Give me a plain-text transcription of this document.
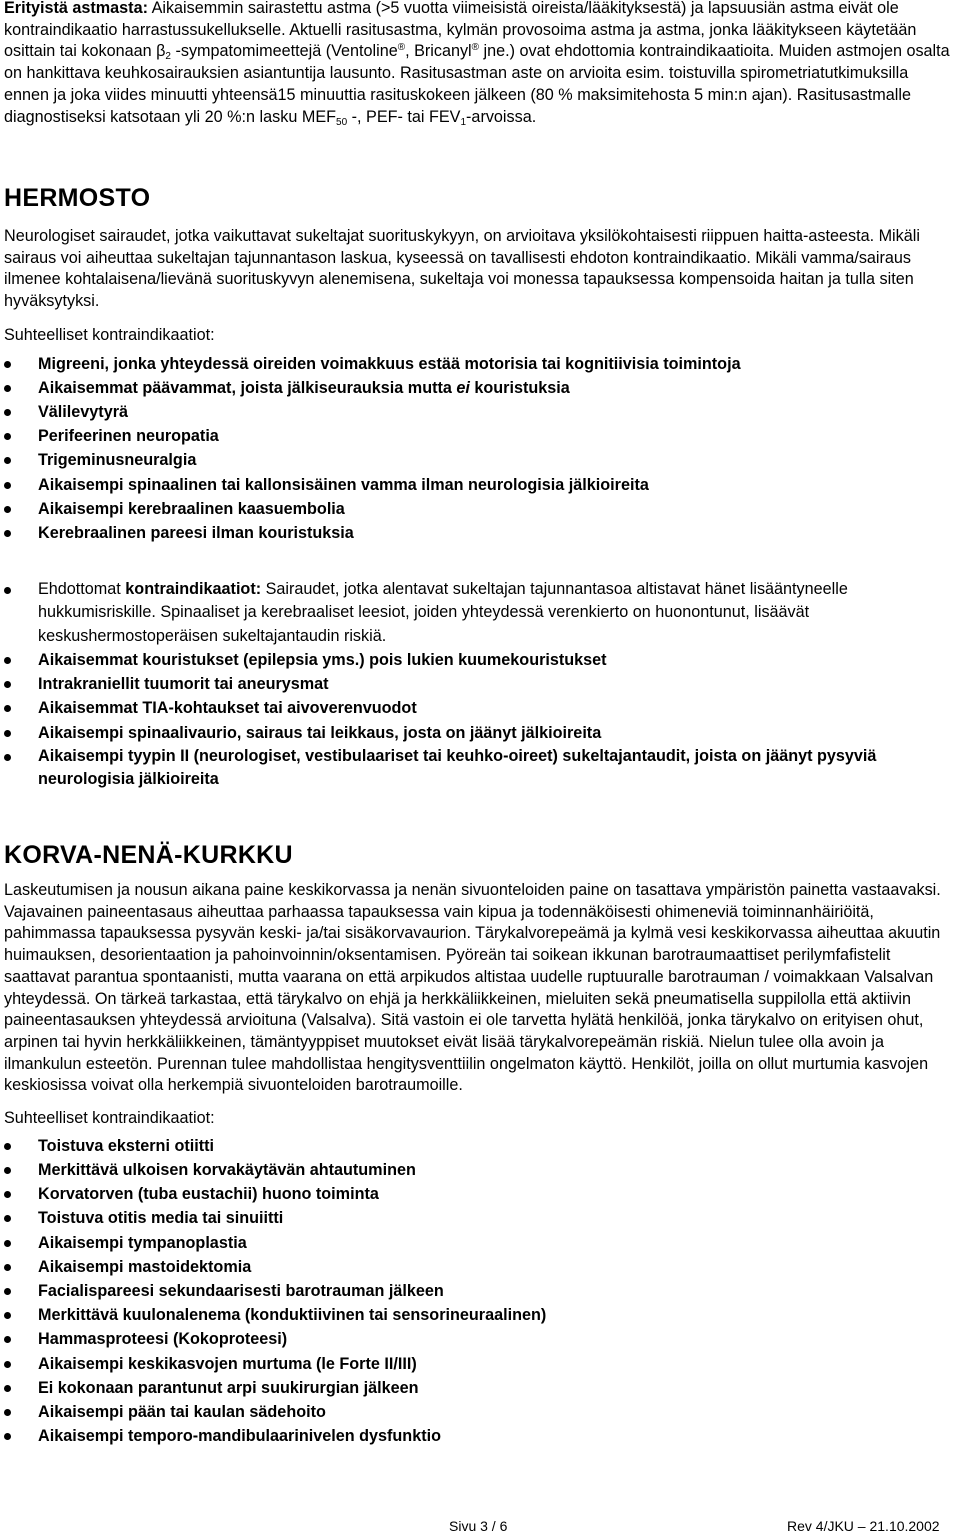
Erityistä astmasta: Aikaisemmin sairastettu astma (>5 vuotta viimeisistä oireista/lääkityksestä) ja lapsuusiän astma eivät ole kontraindikaatio harrastussukellukselle. Aktuelli rasitusastma, kylmän provosoima astma ja astma, jonka lääkitykseen käytetään osittain tai kokonaan $\beta_2$ -sympatomimeettejä (Ventoline®, Bricanyl® jne.) ovat ehdottomia kontraindikaatioita. Muiden astmojen osalta on hankittava keuhkosairauksien asiantuntija lausunto. Rasitusastman aste on arvioita esim. toistuvilla spirometriatutkimuksilla ennen ja joka viides minuutti yhteensä15 minuuttia rasituskokeen jälkeen (80 % maksimitehosta 5 min:n ajan). Rasitusastmalle diagnostiseksi katsotaan yli 20 %:n lasku $MEF_{50}$ -, PEF- tai $FEV_1$-arvoissa.

HERMOSTO

Neurologiset sairaudet, jotka vaikuttavat sukeltajat suorituskykyyn, on arvioitava yksilökohtaisesti riippuen haitta-asteesta. Mikäli sairaus voi aiheuttaa sukeltajan tajunnantason laskua, kyseessä on tavallisesti ehdoton kontraindikaatio. Mikäli vamma/sairaus ilmenee kohtalaisena/lievänä suorituskyvyn alenemisena, sukeltaja voi monessa tapauksessa kompensoida haitan ja tulla siten hyväksytyksi.

Suhteelliset kontraindikaatiot:

Migreeni, jonka yhteydessä oireiden voimakkuus estää motorisia tai kognitiivisia toimintoja
Aikaisemmat päävammat, joista jälkiseurauksia mutta ei kouristuksia
Välilevytyrä
Perifeerinen neuropatia
Trigeminusneuralgia
Aikaisempi spinaalinen tai kallonsisäinen vamma ilman neurologisia jälkioireita
Aikaisempi kerebraalinen kaasuembolia
Kerebraalinen pareesi ilman kouristuksia
Ehdottomat kontraindikaatiot: Sairaudet, jotka alentavat sukeltajan tajunnantasoa altistavat hänet lisääntyneelle hukkumisriskille. Spinaaliset ja kerebraaliset leesiot, joiden yhteydessä verenkierto on huonontunut, lisäävät keskushermostoperäisen sukeltajantaudin riskiä.
Aikaisemmat kouristukset (epilepsia yms.) pois lukien kuumekouristukset
Intrakraniellit tuumorit tai aneurysmat
Aikaisemmat TIA-kohtaukset tai aivoverenvuodot
Aikaisempi spinaalivaurio, sairaus tai leikkaus, josta on jäänyt jälkioireita
Aikaisempi tyypin II (neurologiset, vestibulaariset tai keuhko-oireet) sukeltajantaudit, joista on jäänyt pysyviä neurologisia jälkioireita
KORVA-NENÄ-KURKKU

Laskeutumisen ja nousun aikana paine keskikorvassa ja nenän sivuonteloiden paine on tasattava ympäristön painetta vastaavaksi. Vajavainen paineentasaus aiheuttaa parhaassa tapauksessa vain kipua ja todennäköisesti ohimeneviä toiminnanhäiriöitä, pahimmassa tapauksessa pysyvän keski- ja/tai sisäkorvavaurion. Tärykalvorepeämä ja kylmä vesi keskikorvassa aiheuttaa akuutin huimauksen, desorientaation ja pahoinvoinnin/oksentamisen. Pyöreän tai soikean ikkunan barotraumaattiset perilymfafistelit saattavat parantua spontaanisti, mutta vaarana on että arpikudos altistaa uudelle ruptuuralle barotrauman / voimakkaan Valsalvan yhteydessä. On tärkeä tarkastaa, että tärykalvo on ehjä ja herkkäliikkeinen, mieluiten sekä pneumatisella suppilolla että aktiivin paineentasauksen yhteydessä arvioituna (Valsalva). Sitä vastoin ei ole tarvetta hylätä henkilöä, jonka tärykalvo on erityisen ohut, arpinen tai hyvin herkkäliikkeinen, tämäntyyppiset muutokset eivät lisää tärykalvorepeämän riskiä. Nielun tulee olla avoin ja ilmankulun esteetön. Purennan tulee mahdollistaa hengitysventtiilin ongelmaton käyttö. Henkilöt, joilla on ollut murtumia kasvojen keskiosissa voivat olla herkempiä sivuonteloiden barotraumoille.

Suhteelliset kontraindikaatiot:

Toistuva eksterni otiitti
Merkittävä ulkoisen korvakäytävän ahtautuminen
Korvatorven (tuba eustachii) huono toiminta
Toistuva otitis media tai sinuiitti
Aikaisempi tympanoplastia
Aikaisempi mastoidektomia
Facialispareesi sekundaarisesti barotrauman jälkeen
Merkittävä kuulonalenema (konduktiivinen tai sensorineuraalinen)
Hammasproteesi (Kokoproteesi)
Aikaisempi keskikasvojen murtuma (le Forte II/III)
Ei kokonaan parantunut arpi suukirurgian jälkeen
Aikaisempi pään tai kaulan sädehoito
Aikaisempi temporo-mandibulaarinivelen dysfunktio
Sivu 3 / 6	Rev 4/JKU – 21.10.2002
